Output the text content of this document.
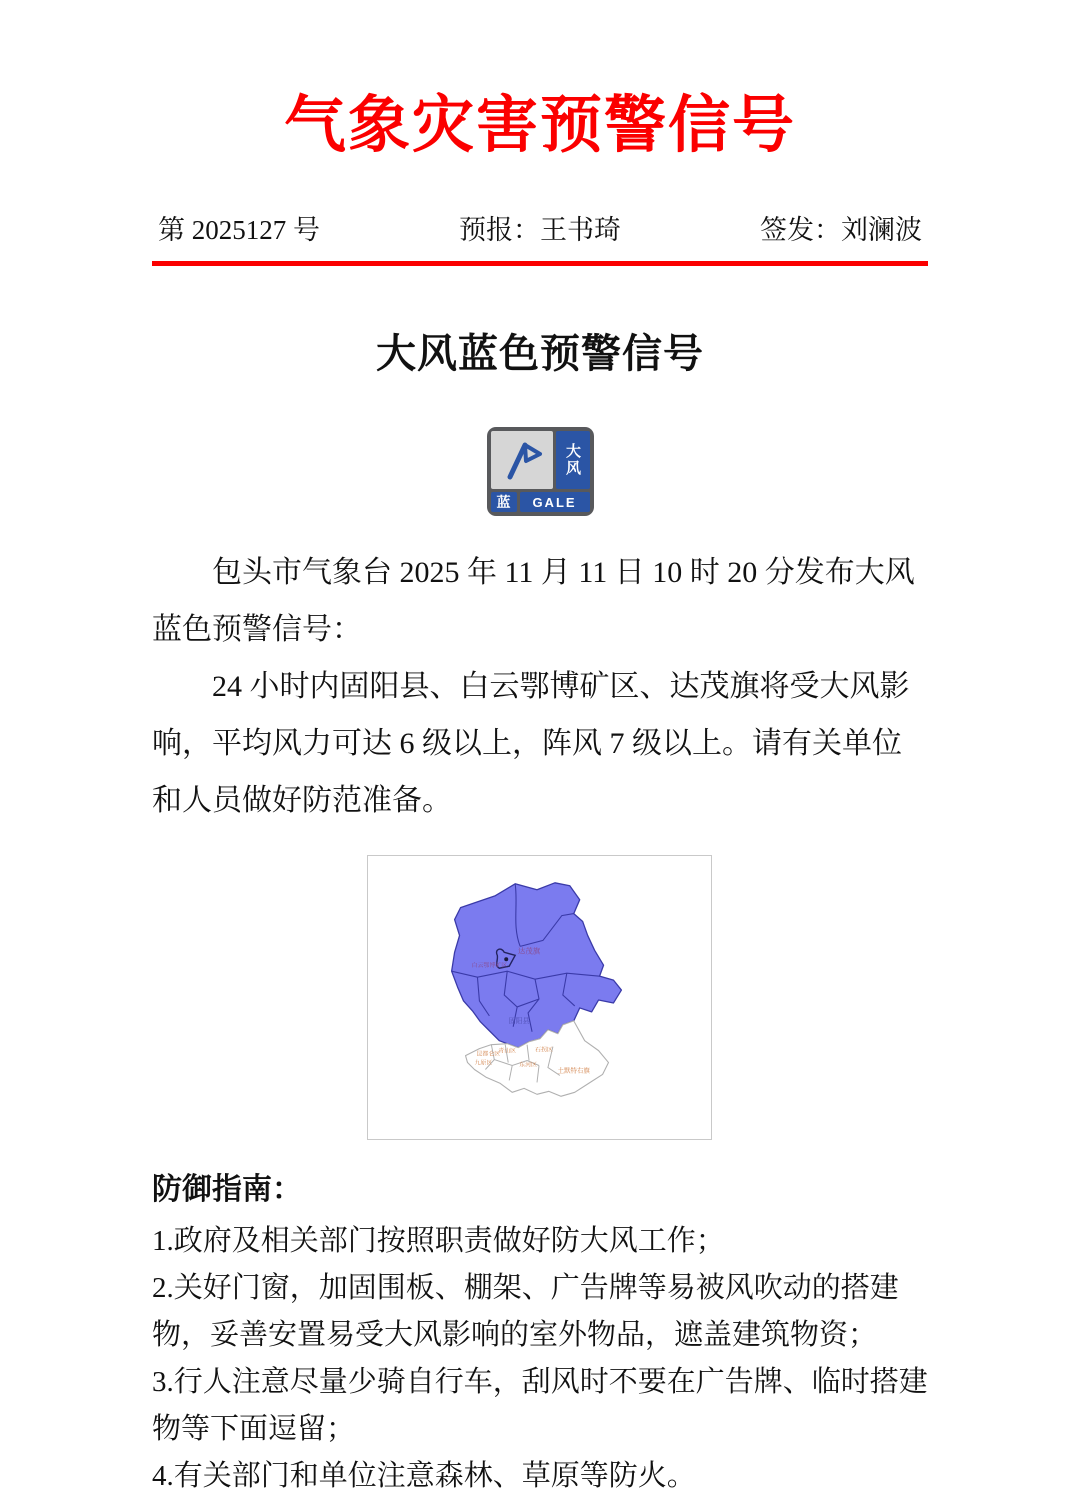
气象灾害预警信号
第 2025127 号	预报：王书琦	签发：刘澜波
大风蓝色预警信号
大风
蓝	GALE

包头市气象台 2025 年 11 月 11 日 10 时 20 分发布大风蓝色预警信号：

24 小时内固阳县、白云鄂博矿区、达茂旗将受大风影响，平均风力可达 6 级以上，阵风 7 级以上。请有关单位和人员做好防范准备。

达茂旗
白云鄂博矿区
固阳县
昆都仑区
青山区	石拐区
九原区	东河区
土默特右旗
防御指南：
1.政府及相关部门按照职责做好防大风工作；
2.关好门窗，加固围板、棚架、广告牌等易被风吹动的搭建物，妥善安置易受大风影响的室外物品，遮盖建筑物资；
3.行人注意尽量少骑自行车，刮风时不要在广告牌、临时搭建物等下面逗留；
4.有关部门和单位注意森林、草原等防火。
